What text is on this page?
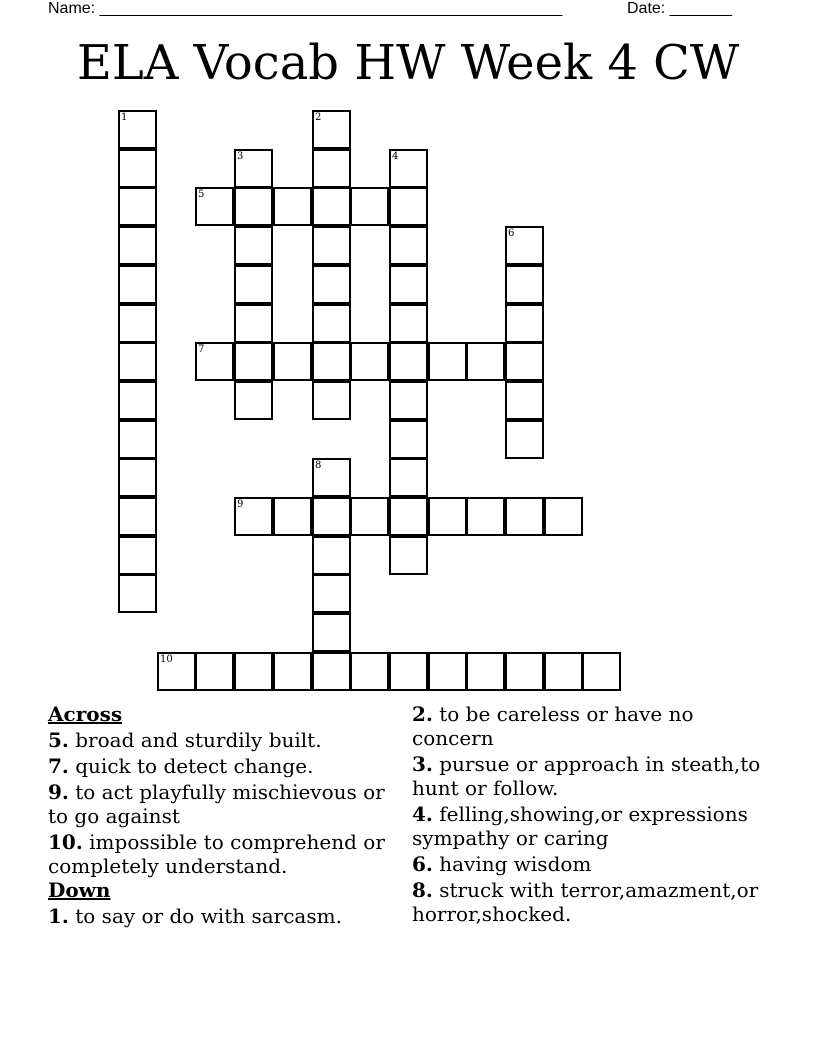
Name: ____________________________________________________	Date: _______
ELA Vocab HW Week 4 CW
1	2
3	4
5
6
7
8
9
10
Across
5. broad and sturdily built.
7. quick to detect change.
9. to act playfully mischievous or to go against
10. impossible to comprehend or completely understand.
Down
1. to say or do with sarcasm.
2. to be careless or have no concern
3. pursue or approach in steath,to hunt or follow.
4. felling,showing,or expressions sympathy or caring
6. having wisdom
8. struck with terror,amazment,or horror,shocked.
